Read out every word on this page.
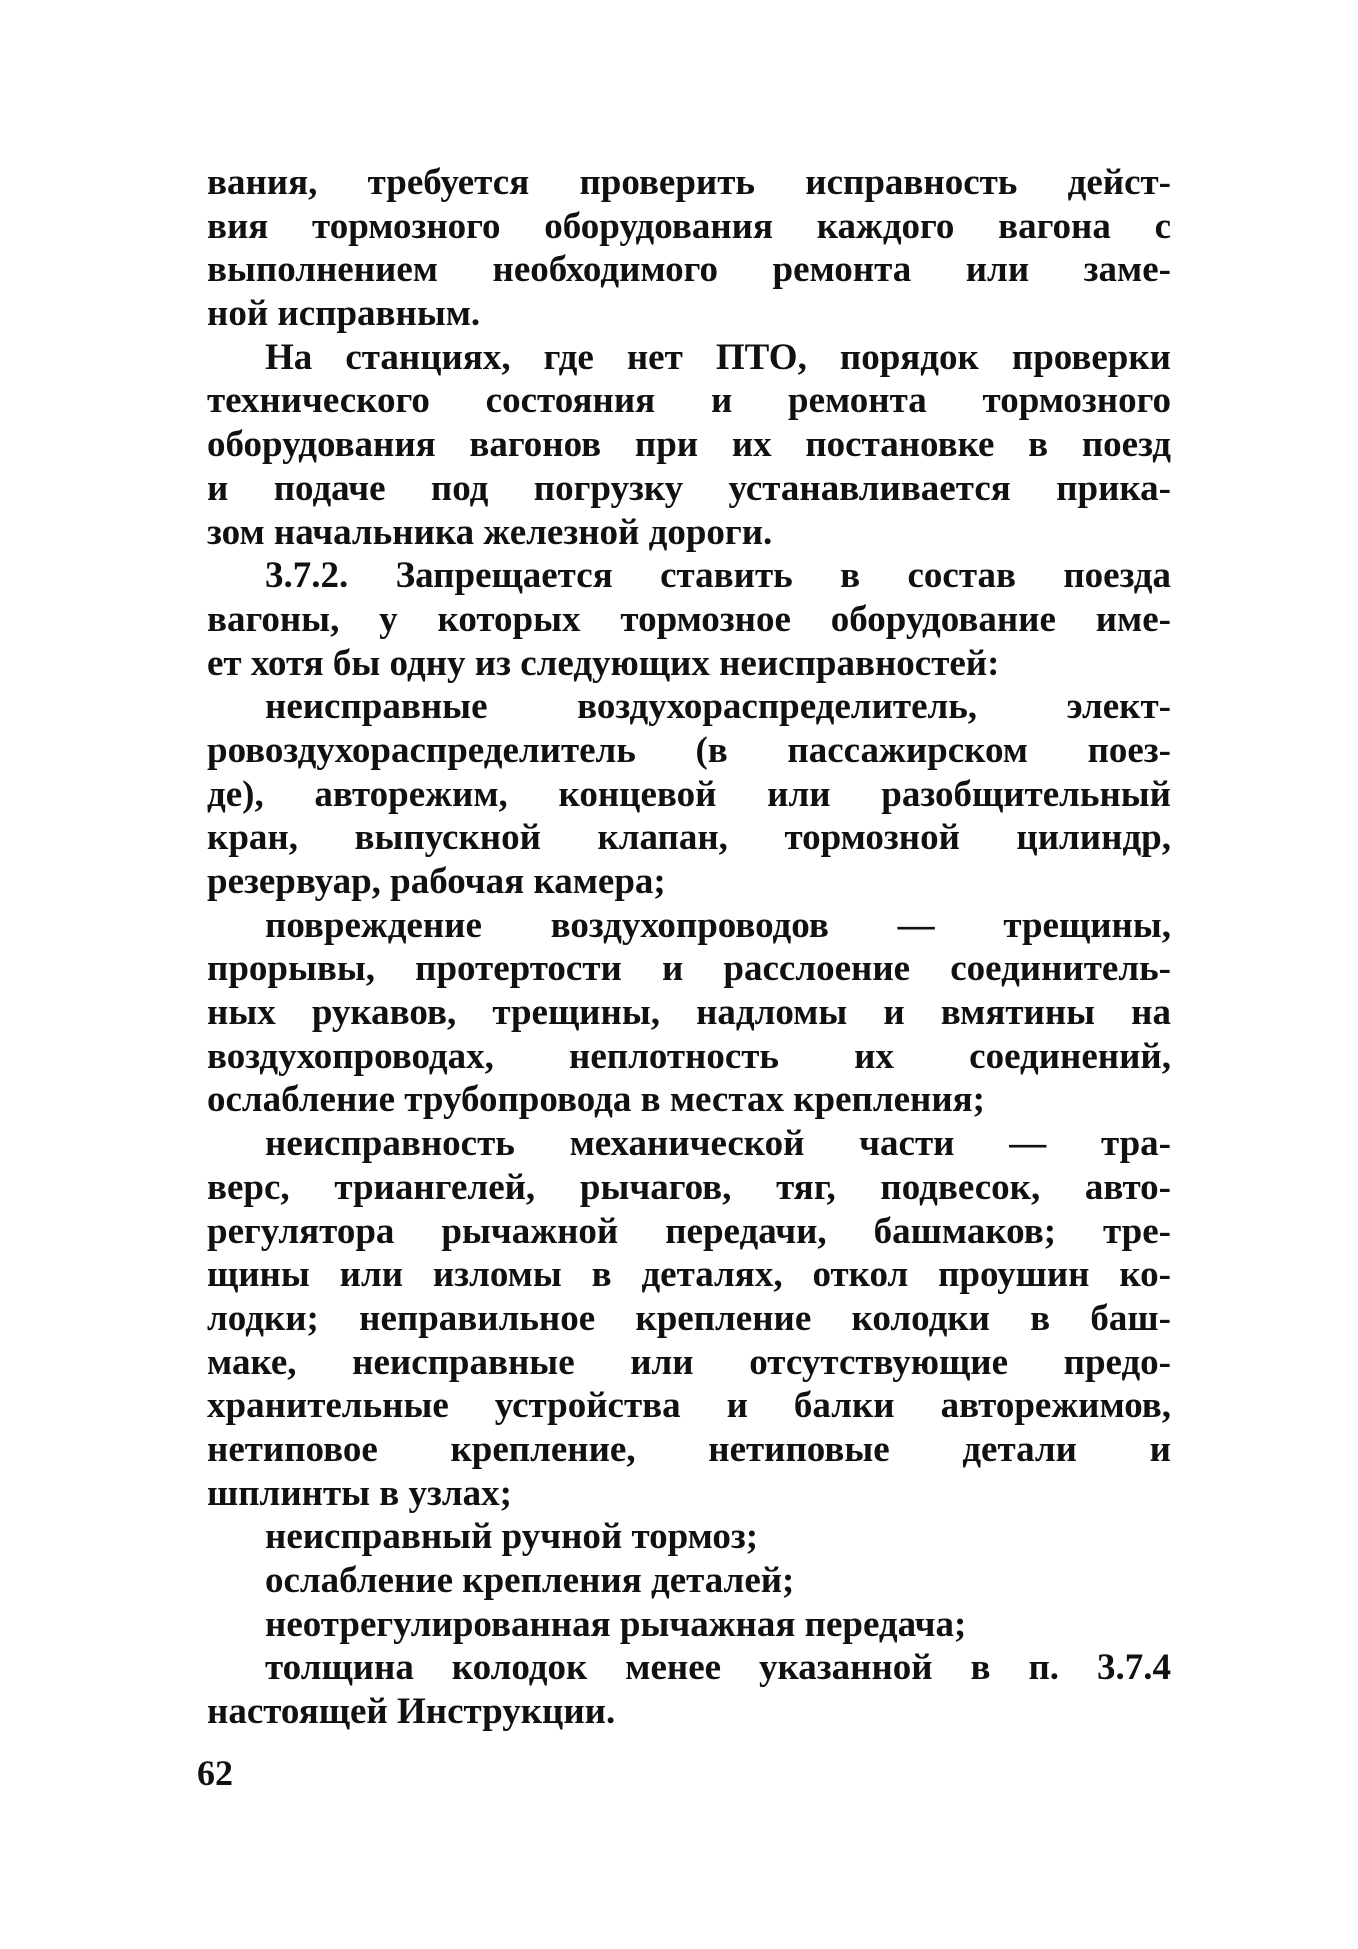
вания, требуется проверить исправность дейст-
вия тормозного оборудования каждого вагона с
выполнением необходимого ремонта или заме-
ной исправным.
На станциях, где нет ПТО, порядок проверки
технического состояния и ремонта тормозного
оборудования вагонов при их постановке в поезд
и подаче под погрузку устанавливается прика-
зом начальника железной дороги.
3.7.2. Запрещается ставить в состав поезда
вагоны, у которых тормозное оборудование име-
ет хотя бы одну из следующих неисправностей:
неисправные воздухораспределитель, элект-
ровоздухораспределитель (в пассажирском поез-
де), авторежим, концевой или разобщительный
кран, выпускной клапан, тормозной цилиндр,
резервуар, рабочая камера;
повреждение воздухопроводов — трещины,
прорывы, протертости и расслоение соединитель-
ных рукавов, трещины, надломы и вмятины на
воздухопроводах, неплотность их соединений,
ослабление трубопровода в местах крепления;
неисправность механической части — тра-
верс, триангелей, рычагов, тяг, подвесок, авто-
регулятора рычажной передачи, башмаков; тре-
щины или изломы в деталях, откол проушин ко-
лодки; неправильное крепление колодки в баш-
маке, неисправные или отсутствующие предо-
хранительные устройства и балки авторежимов,
нетиповое крепление, нетиповые детали и
шплинты в узлах;
неисправный ручной тормоз;
ослабление крепления деталей;
неотрегулированная рычажная передача;
толщина колодок менее указанной в п. 3.7.4
настоящей Инструкции.
62
